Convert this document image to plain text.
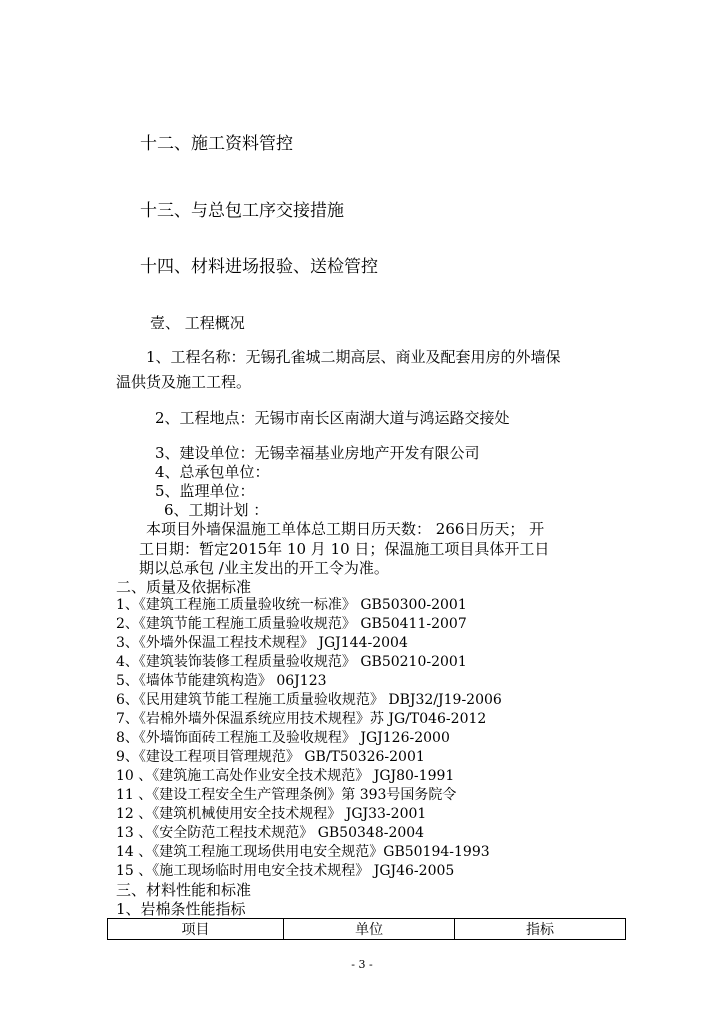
十二、施工资料管控
十三、与总包工序交接措施
十四、材料进场报验、送检管控
壹、 工程概况
1、工程名称：无锡孔雀城二期高层、商业及配套用房的外墙保
温供货及施工工程。
2、工程地点：无锡市南长区南湖大道与鸿运路交接处
3、建设单位：无锡幸福基业房地产开发有限公司
4、总承包单位：
5、监理单位：
6、工期计划 ：
本项目外墙保温施工单体总工期日历天数： 266日历天； 开
工日期：暂定2015年 10 月 10 日；保温施工项目具体开工日
期以总承包 /业主发出的开工令为准。
二、质量及依据标准
1、《建筑工程施工质量验收统一标准》 GB50300-2001
2、《建筑节能工程施工质量验收规范》 GB50411-2007
3、《外墙外保温工程技术规程》 JGJ144-2004
4、《建筑装饰装修工程质量验收规范》 GB50210-2001
5、《墙体节能建筑构造》 06J123
6、《民用建筑节能工程施工质量验收规范》 DBJ32/J19-2006
7、《岩棉外墙外保温系统应用技术规程》苏 JG/T046-2012
8、《外墙饰面砖工程施工及验收规程》 JGJ126-2000
9、《建设工程项目管理规范》 GB/T50326-2001
10 、《建筑施工高处作业安全技术规范》 JGJ80-1991
11 、《建设工程安全生产管理条例》第 393号国务院令
12 、《建筑机械使用安全技术规程》 JGJ33-2001
13 、《安全防范工程技术规范》 GB50348-2004
14 、《建筑工程施工现场供用电安全规范》GB50194-1993
15 、《施工现场临时用电安全技术规程》 JGJ46-2005
三、材料性能和标准
1、岩棉条性能指标
项目	单位	指标
- 3 -
